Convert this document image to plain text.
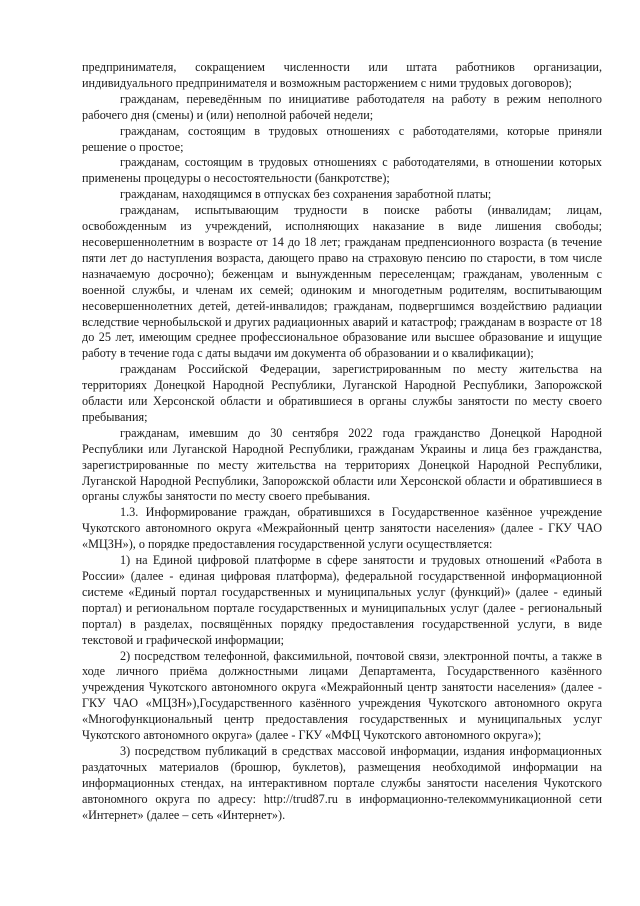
предпринимателя, сокращением численности или штата работников организации, индивидуального предпринимателя и возможным расторжением с ними трудовых договоров);

гражданам, переведённым по инициативе работодателя на работу в режим неполного рабочего дня (смены) и (или) неполной рабочей недели;

гражданам, состоящим в трудовых отношениях с работодателями, которые приняли решение о простое;

гражданам, состоящим в трудовых отношениях с работодателями, в отношении которых применены процедуры о несостоятельности (банкротстве);

гражданам, находящимся в отпусках без сохранения заработной платы;

гражданам, испытывающим трудности в поиске работы (инвалидам; лицам, освобожденным из учреждений, исполняющих наказание в виде лишения свободы; несовершеннолетним в возрасте от 14 до 18 лет; гражданам предпенсионного возраста (в течение пяти лет до наступления возраста, дающего право на страховую пенсию по старости, в том числе назначаемую досрочно); беженцам и вынужденным переселенцам; гражданам, уволенным с военной службы, и членам их семей; одиноким и многодетным родителям, воспитывающим несовершеннолетних детей, детей-инвалидов; гражданам, подвергшимся воздействию радиации вследствие чернобыльской и других радиационных аварий и катастроф; гражданам в возрасте от 18 до 25 лет, имеющим среднее профессиональное образование или высшее образование и ищущие работу в течение года с даты выдачи им документа об образовании и о квалификации);

гражданам Российской Федерации, зарегистрированным по месту жительства на территориях Донецкой Народной Республики, Луганской Народной Республики, Запорожской области или Херсонской области и обратившиеся в органы службы занятости по месту своего пребывания;

гражданам, имевшим до 30 сентября 2022 года гражданство Донецкой Народной Республики или Луганской Народной Республики, гражданам Украины и лица без гражданства, зарегистрированные по месту жительства на территориях Донецкой Народной Республики, Луганской Народной Республики, Запорожской области или Херсонской области и обратившиеся в органы службы занятости по месту своего пребывания.

1.3. Информирование граждан, обратившихся в Государственное казённое учреждение Чукотского автономного округа «Межрайонный центр занятости населения» (далее - ГКУ ЧАО «МЦЗН»), о порядке предоставления государственной услуги осуществляется:

1) на Единой цифровой платформе в сфере занятости и трудовых отношений «Работа в России» (далее - единая цифровая платформа), федеральной государственной информационной системе «Единый портал государственных и муниципальных услуг (функций)» (далее - единый портал) и региональном портале государственных и муниципальных услуг (далее - региональный портал) в разделах, посвящённых порядку предоставления государственной услуги, в виде текстовой и графической информации;

2) посредством телефонной, факсимильной, почтовой связи, электронной почты, а также в ходе личного приёма должностными лицами Департамента, Государственного казённого учреждения Чукотского автономного округа «Межрайонный центр занятости населения» (далее - ГКУ ЧАО «МЦЗН»),Государственного казённого учреждения Чукотского автономного округа «Многофункциональный центр предоставления государственных и муниципальных услуг Чукотского автономного округа» (далее - ГКУ «МФЦ Чукотского автономного округа»);

3) посредством публикаций в средствах массовой информации, издания информационных раздаточных материалов (брошюр, буклетов), размещения необходимой информации на информационных стендах, на интерактивном портале службы занятости населения Чукотского автономного округа по адресу: http://trud87.ru в информационно-телекоммуникационной сети «Интернет» (далее – сеть «Интернет»).
